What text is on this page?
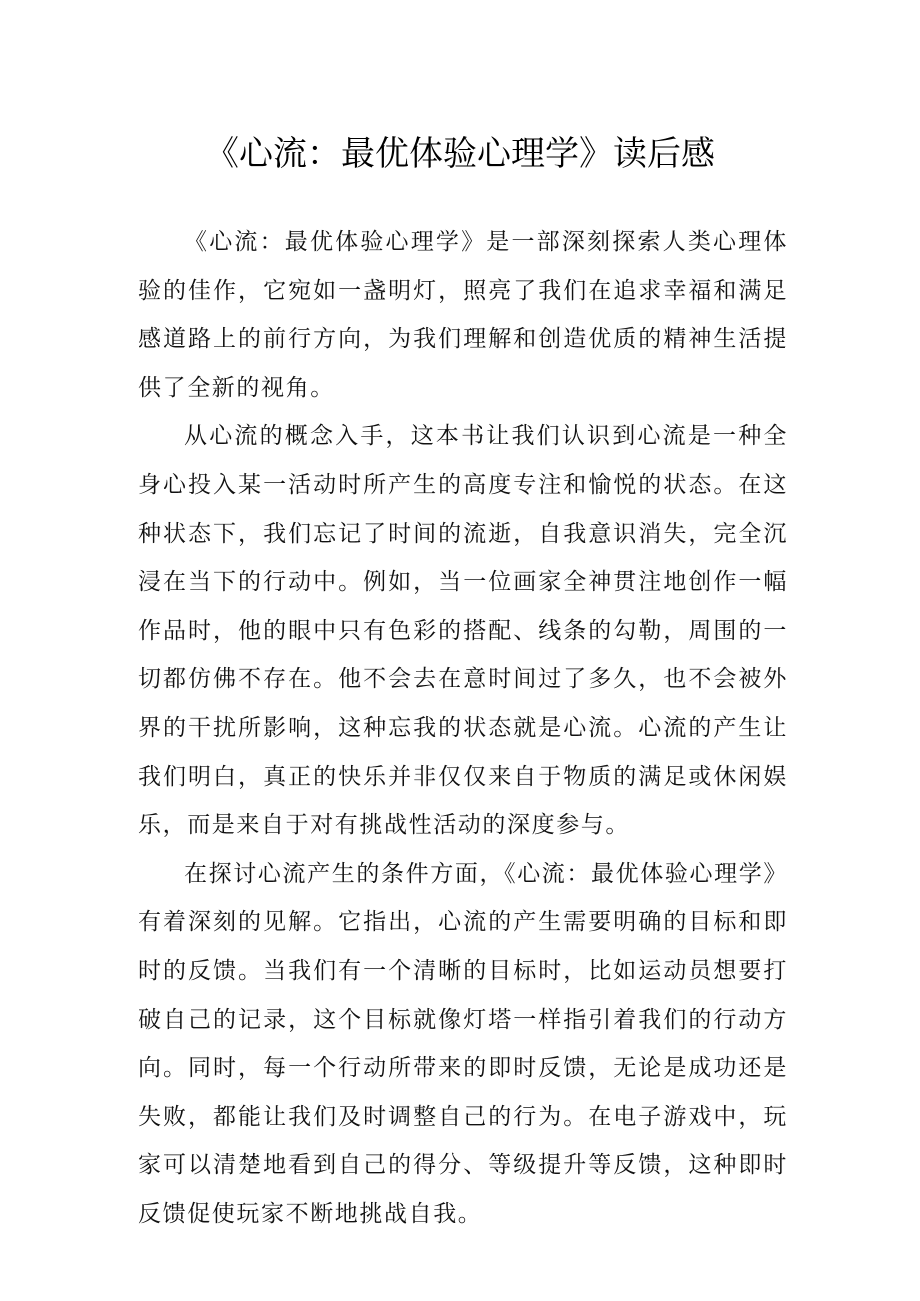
《心流：最优体验心理学》读后感

《心流：最优体验心理学》是一部深刻探索人类心理体验的佳作，它宛如一盏明灯，照亮了我们在追求幸福和满足感道路上的前行方向，为我们理解和创造优质的精神生活提供了全新的视角。

从心流的概念入手，这本书让我们认识到心流是一种全身心投入某一活动时所产生的高度专注和愉悦的状态。在这种状态下，我们忘记了时间的流逝，自我意识消失，完全沉浸在当下的行动中。例如，当一位画家全神贯注地创作一幅作品时，他的眼中只有色彩的搭配、线条的勾勒，周围的一切都仿佛不存在。他不会去在意时间过了多久，也不会被外界的干扰所影响，这种忘我的状态就是心流。心流的产生让我们明白，真正的快乐并非仅仅来自于物质的满足或休闲娱乐，而是来自于对有挑战性活动的深度参与。

在探讨心流产生的条件方面，《心流：最优体验心理学》有着深刻的见解。它指出，心流的产生需要明确的目标和即时的反馈。当我们有一个清晰的目标时，比如运动员想要打破自己的记录，这个目标就像灯塔一样指引着我们的行动方向。同时，每一个行动所带来的即时反馈，无论是成功还是失败，都能让我们及时调整自己的行为。在电子游戏中，玩家可以清楚地看到自己的得分、等级提升等反馈，这种即时反馈促使玩家不断地挑战自我。
